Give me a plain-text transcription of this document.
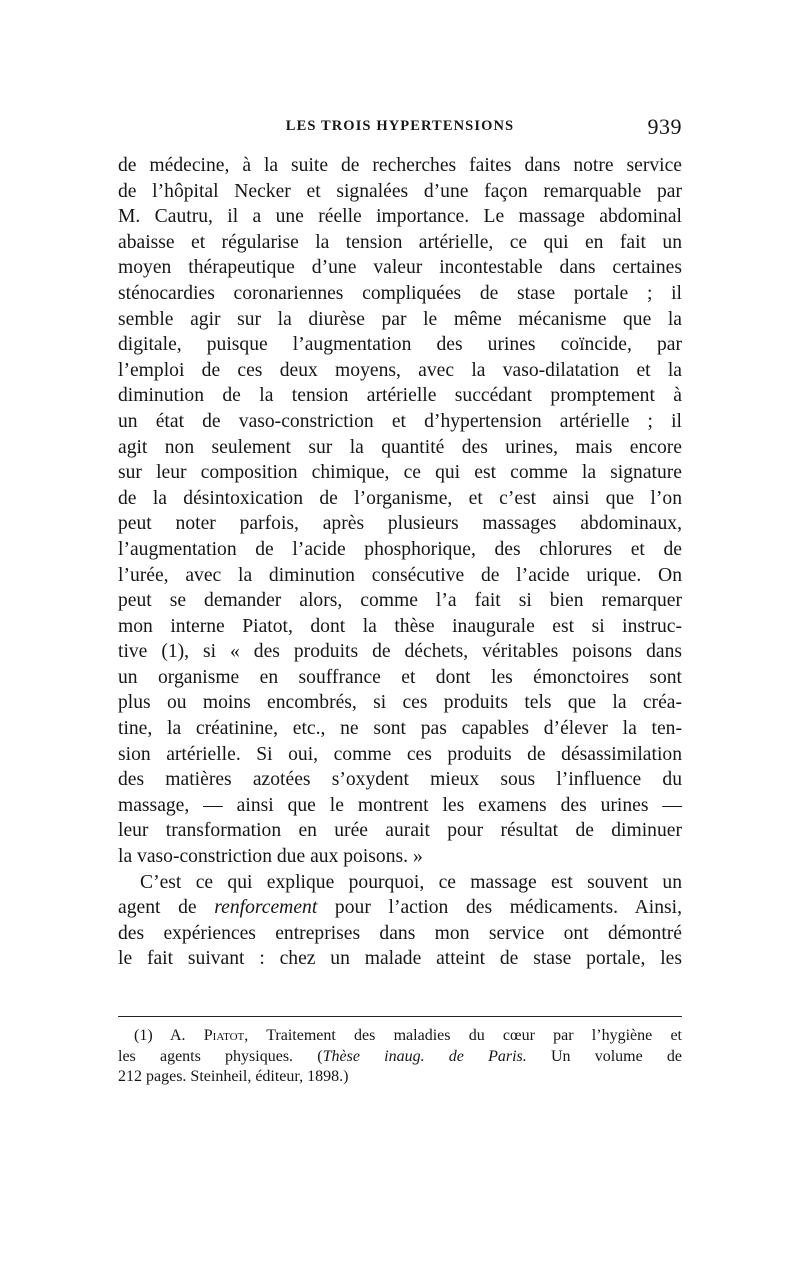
LES TROIS HYPERTENSIONS	939
de médecine, à la suite de recherches faites dans notre service
de l’hôpital Necker et signalées d’une façon remarquable par
M. Cautru, il a une réelle importance. Le massage abdominal
abaisse et régularise la tension artérielle, ce qui en fait un
moyen thérapeutique d’une valeur incontestable dans certaines
sténocardies coronariennes compliquées de stase portale ; il
semble agir sur la diurèse par le même mécanisme que la
digitale, puisque l’augmentation des urines coïncide, par
l’emploi de ces deux moyens, avec la vaso-dilatation et la
diminution de la tension artérielle succédant promptement à
un état de vaso-constriction et d’hypertension artérielle ; il
agit non seulement sur la quantité des urines, mais encore
sur leur composition chimique, ce qui est comme la signature
de la désintoxication de l’organisme, et c’est ainsi que l’on
peut noter parfois, après plusieurs massages abdominaux,
l’augmentation de l’acide phosphorique, des chlorures et de
l’urée, avec la diminution consécutive de l’acide urique. On
peut se demander alors, comme l’a fait si bien remarquer
mon interne Piatot, dont la thèse inaugurale est si instruc-
tive (1), si « des produits de déchets, véritables poisons dans
un organisme en souffrance et dont les émonctoires sont
plus ou moins encombrés, si ces produits tels que la créa-
tine, la créatinine, etc., ne sont pas capables d’élever la ten-
sion artérielle. Si oui, comme ces produits de désassimilation
des matières azotées s’oxydent mieux sous l’influence du
massage, — ainsi que le montrent les examens des urines —
leur transformation en urée aurait pour résultat de diminuer
la vaso-constriction due aux poisons. »
C’est ce qui explique pourquoi, ce massage est souvent un
agent de renforcement pour l’action des médicaments. Ainsi,
des expériences entreprises dans mon service ont démontré
le fait suivant : chez un malade atteint de stase portale, les
(1) A. Piatot, Traitement des maladies du cœur par l’hygiène et
les agents physiques. (Thèse inaug. de Paris. Un volume de
212 pages. Steinheil, éditeur, 1898.)
